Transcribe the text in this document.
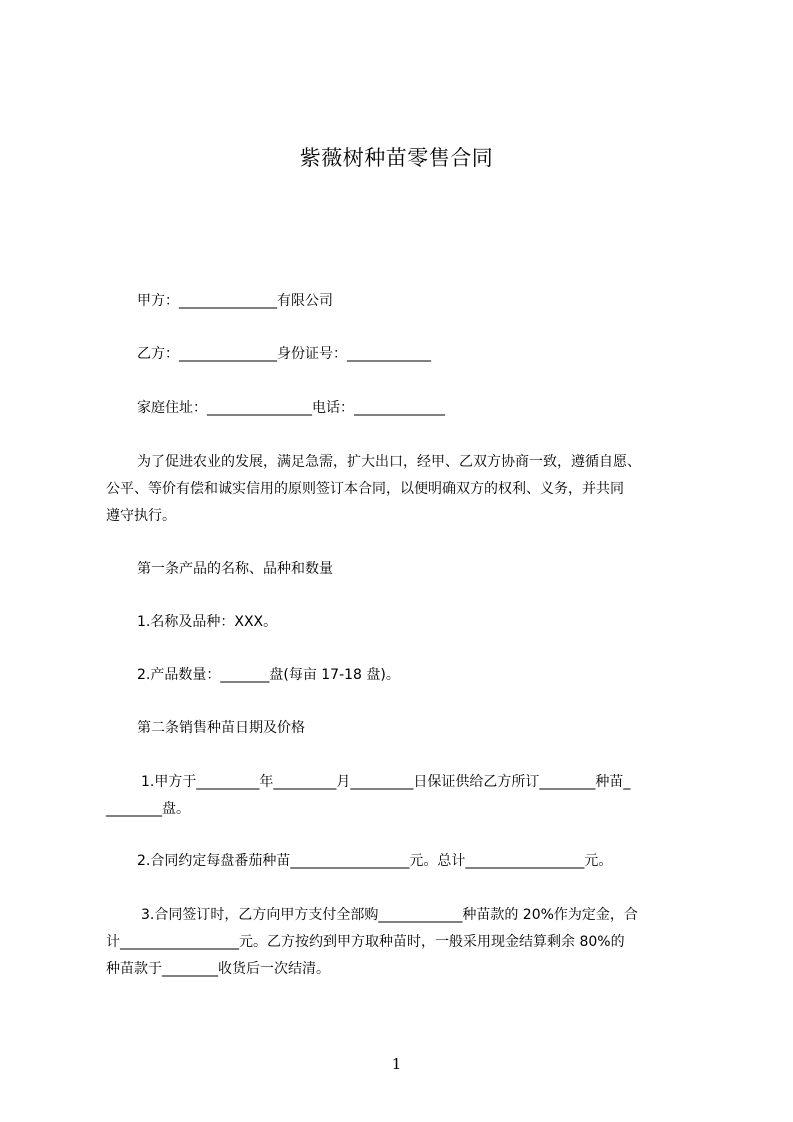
紫薇树种苗零售合同
甲方：______________有限公司
乙方：______________身份证号：____________
家庭住址：_______________电话：_____________
为了促进农业的发展，满足急需，扩大出口，经甲、乙双方协商一致，遵循自愿、
公平、等价有偿和诚实信用的原则签订本合同，以便明确双方的权利、义务，并共同
遵守执行。
第一条产品的名称、品种和数量
1.名称及品种：XXX。
2.产品数量：_______盘(每亩 17-18 盘)。
第二条销售种苗日期及价格
1.甲方于_________年_________月_________日保证供给乙方所订________种苗_
________盘。
2.合同约定每盘番茄种苗_________________元。总计_________________元。
3.合同签订时，乙方向甲方支付全部购____________种苗款的 20%作为定金，合
计_________________元。乙方按约到甲方取种苗时，一般采用现金结算剩余 80%的
种苗款于________收货后一次结清。
1
